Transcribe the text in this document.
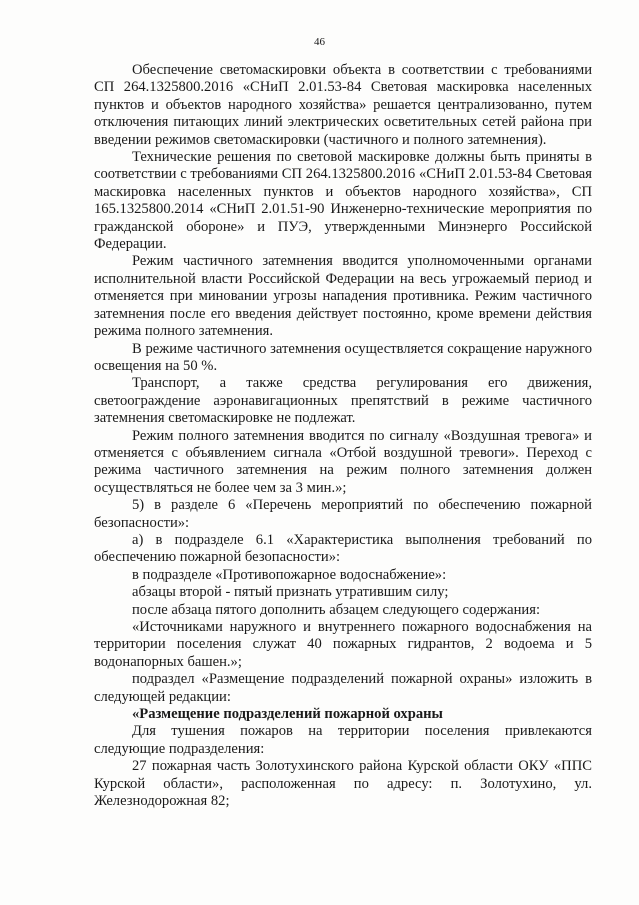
46

Обеспечение светомаскировки объекта в соответствии с требованиями СП 264.1325800.2016 «СНиП 2.01.53-84 Световая маскировка населенных пунктов и объектов народного хозяйства» решается централизованно, путем отключения питающих линий электрических осветительных сетей района при введении режимов светомаскировки (частичного и полного затемнения).

Технические решения по световой маскировке должны быть приняты в соответствии с требованиями СП 264.1325800.2016 «СНиП 2.01.53-84 Световая маскировка населенных пунктов и объектов народного хозяйства», СП 165.1325800.2014 «СНиП 2.01.51-90 Инженерно-технические мероприятия по гражданской обороне» и ПУЭ, утвержденными Минэнерго Российской Федерации.

Режим частичного затемнения вводится уполномоченными органами исполнительной власти Российской Федерации на весь угрожаемый период и отменяется при миновании угрозы нападения противника. Режим частичного затемнения после его введения действует постоянно, кроме времени действия режима полного затемнения.

В режиме частичного затемнения осуществляется сокращение наружного освещения на 50 %.

Транспорт, а также средства регулирования его движения, светоограждение аэронавигационных препятствий в режиме частичного затемнения светомаскировке не подлежат.

Режим полного затемнения вводится по сигналу «Воздушная тревога» и отменяется с объявлением сигнала «Отбой воздушной тревоги». Переход с режима частичного затемнения на режим полного затемнения должен осуществляться не более чем за 3 мин.»;

5) в разделе 6 «Перечень мероприятий по обеспечению пожарной безопасности»:

а) в подразделе 6.1 «Характеристика выполнения требований по обеспечению пожарной безопасности»:

в подразделе «Противопожарное водоснабжение»:

абзацы второй - пятый признать утратившим силу;

после абзаца пятого дополнить абзацем следующего содержания:

«Источниками наружного и внутреннего пожарного водоснабжения на территории поселения служат 40 пожарных гидрантов, 2 водоема и 5 водонапорных башен.»;

подраздел «Размещение подразделений пожарной охраны» изложить в следующей редакции:

«Размещение подразделений пожарной охраны

Для тушения пожаров на территории поселения привлекаются следующие подразделения:

27 пожарная часть Золотухинского района Курской области ОКУ «ППС Курской области», расположенная по адресу: п. Золотухино, ул. Железнодорожная 82;
